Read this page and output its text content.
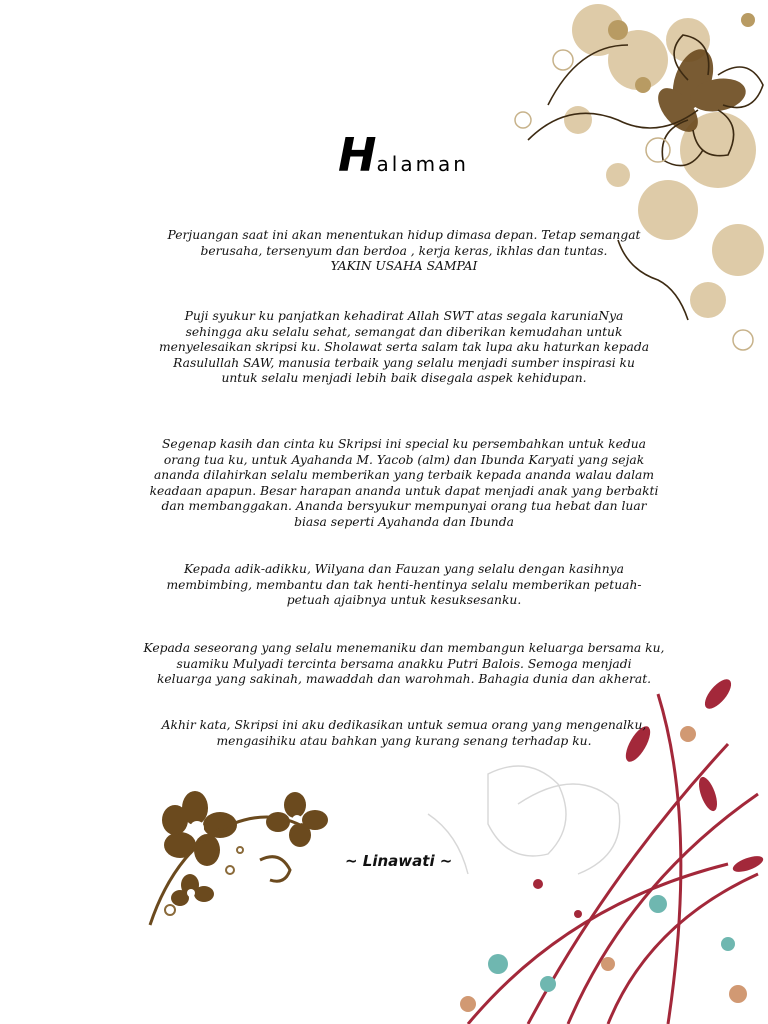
Halaman

Perjuangan saat ini akan menentukan hidup dimasa depan. Tetap semangat
berusaha, tersenyum dan berdoa , kerja keras, ikhlas dan tuntas.
YAKIN USAHA SAMPAI

Puji syukur ku panjatkan kehadirat Allah SWT atas segala karuniaNya
sehingga aku selalu sehat, semangat dan diberikan kemudahan untuk
menyelesaikan skripsi ku. Sholawat serta salam tak lupa aku haturkan kepada
Rasulullah SAW, manusia terbaik yang selalu menjadi sumber inspirasi ku
untuk selalu menjadi lebih baik disegala aspek kehidupan.

Segenap kasih dan cinta ku Skripsi ini special ku persembahkan untuk kedua
orang tua ku, untuk Ayahanda M. Yacob (alm) dan Ibunda Karyati yang sejak
ananda dilahirkan selalu memberikan yang terbaik kepada ananda walau dalam
keadaan apapun. Besar harapan ananda untuk dapat menjadi anak yang berbakti
dan membanggakan. Ananda bersyukur mempunyai orang tua hebat dan luar
biasa seperti Ayahanda dan Ibunda

Kepada adik-adikku, Wilyana dan Fauzan yang selalu dengan kasihnya
membimbing, membantu dan tak henti-hentinya selalu memberikan petuah-
petuah ajaibnya untuk kesuksesanku.

Kepada seseorang yang selalu menemaniku dan membangun keluarga bersama ku,
suamiku Mulyadi tercinta bersama anakku Putri Balois. Semoga menjadi
keluarga yang sakinah, mawaddah dan warohmah. Bahagia dunia dan akherat.

Akhir kata, Skripsi ini aku dedikasikan untuk semua orang yang mengenalku,
mengasihiku atau bahkan yang kurang senang terhadap ku.

~ Linawati ~
